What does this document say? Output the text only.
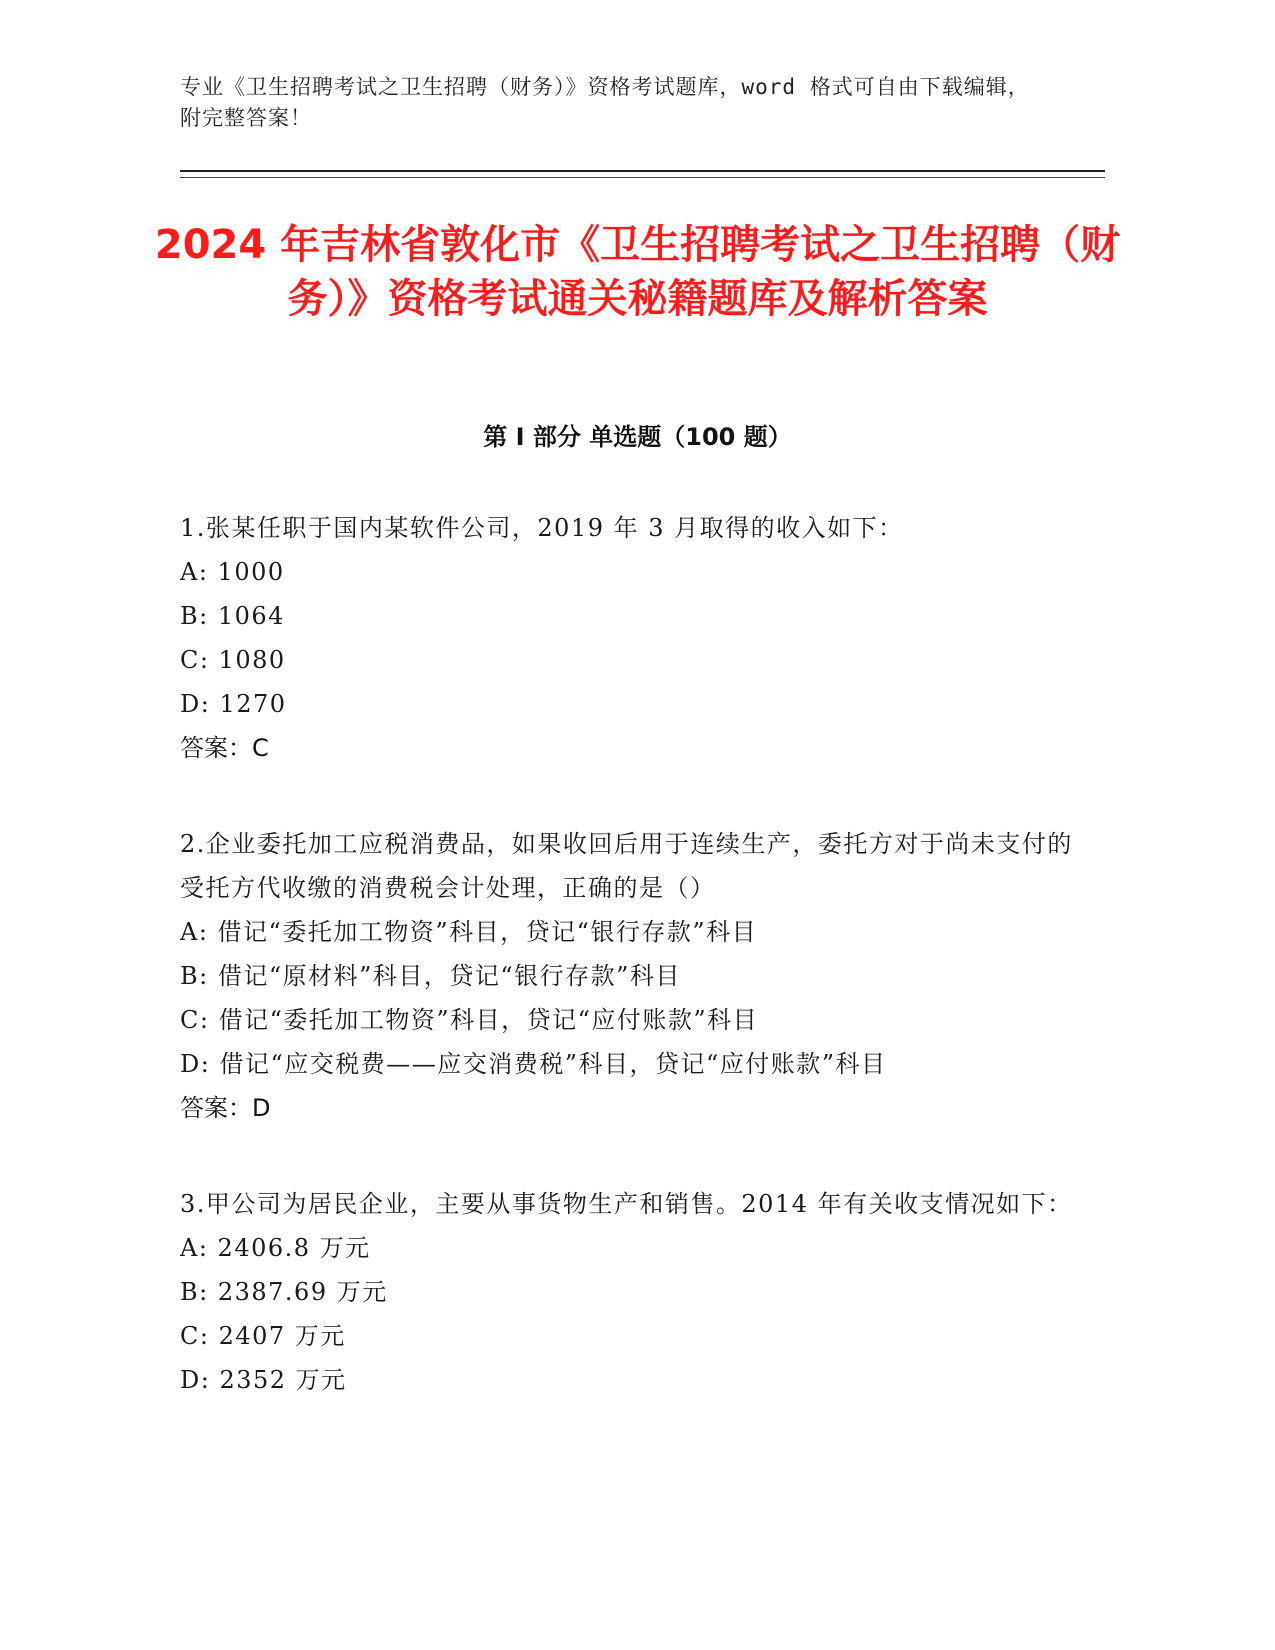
专业《卫生招聘考试之卫生招聘（财务）》资格考试题库，word 格式可自由下载编辑，附完整答案！
2024 年吉林省敦化市《卫生招聘考试之卫生招聘（财务）》资格考试通关秘籍题库及解析答案
第 I 部分 单选题（100 题）
1.张某任职于国内某软件公司，2019 年 3 月取得的收入如下：
A: 1000
B: 1064
C: 1080
D: 1270
答案：C
2.企业委托加工应税消费品，如果收回后用于连续生产，委托方对于尚未支付的受托方代收缴的消费税会计处理，正确的是（）
A: 借记“委托加工物资”科目，贷记“银行存款”科目
B: 借记“原材料”科目，贷记“银行存款”科目
C: 借记“委托加工物资”科目，贷记“应付账款”科目
D: 借记“应交税费——应交消费税”科目，贷记“应付账款”科目
答案：D
3.甲公司为居民企业，主要从事货物生产和销售。2014 年有关收支情况如下：
A: 2406.8 万元
B: 2387.69 万元
C: 2407 万元
D: 2352 万元
